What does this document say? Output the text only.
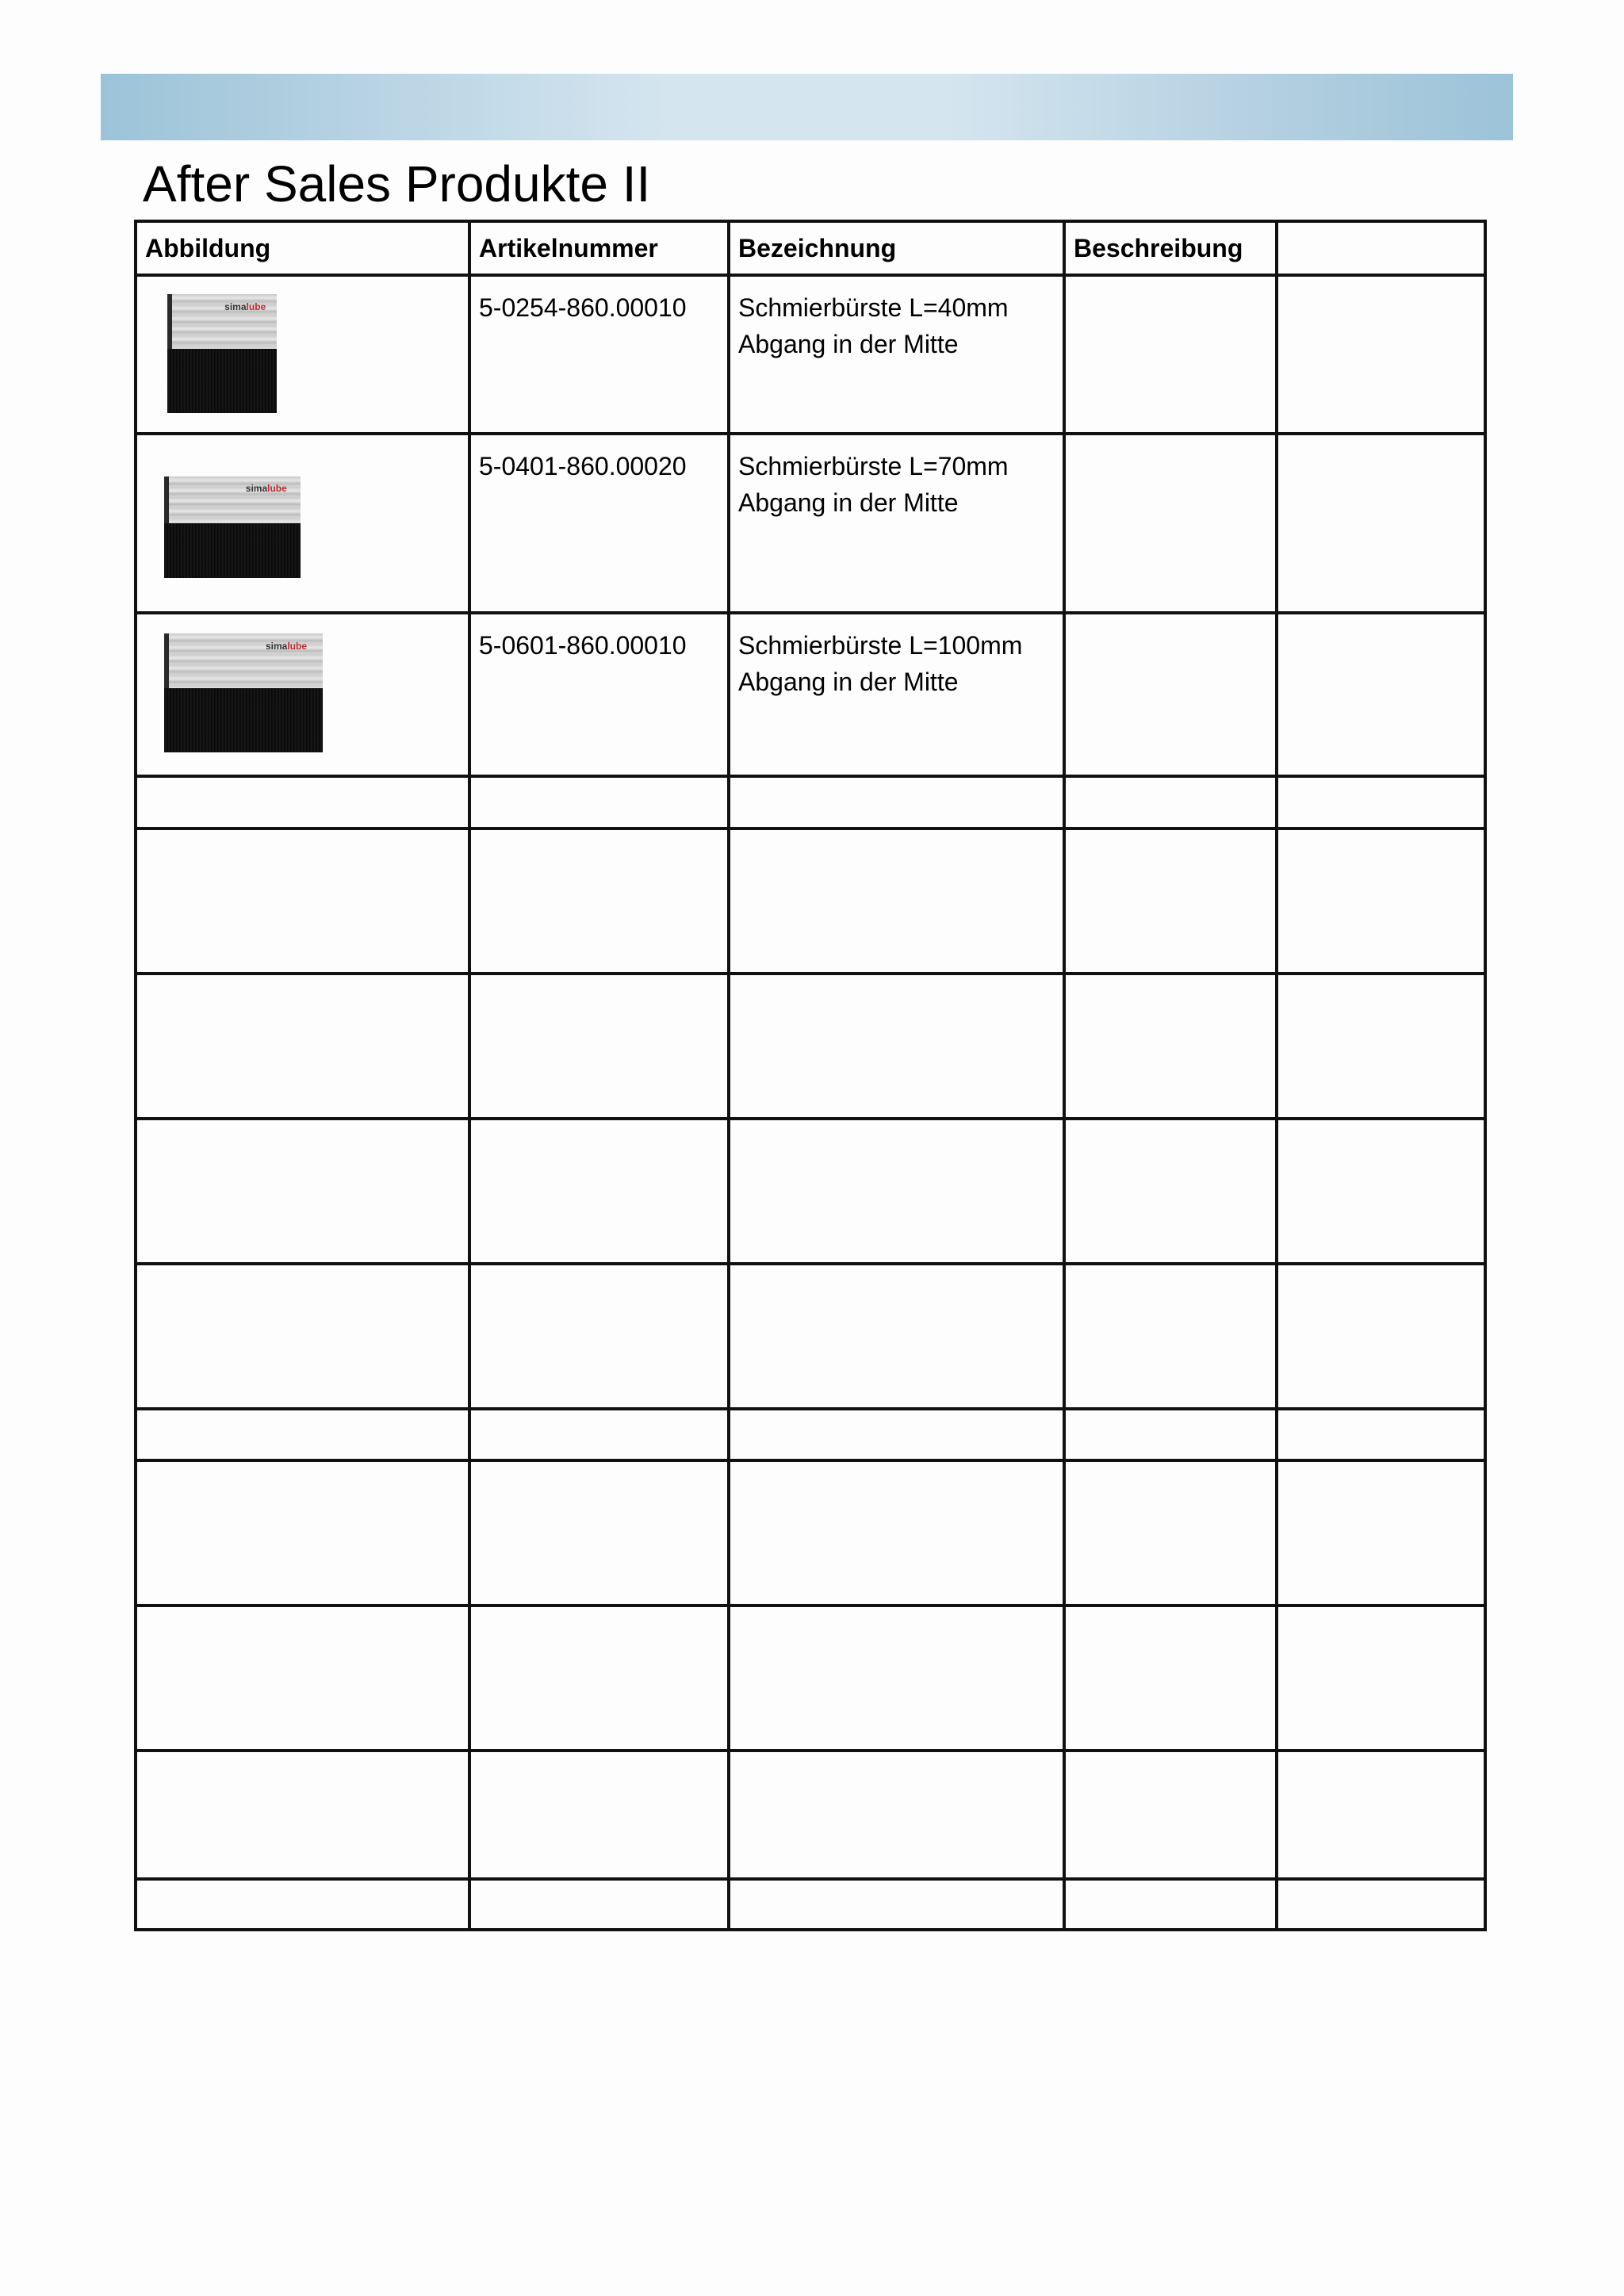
After Sales Produkte II
Abbildung	Artikelnummer	Bezeichnung	Beschreibung	

simalube	5-0254-860.00010	Schmierbürste L=40mm
Abgang in der Mitte		

simalube	5-0401-860.00020	Schmierbürste L=70mm
Abgang in der Mitte		

simalube	5-0601-860.00010	Schmierbürste L=100mm
Abgang in der Mitte		
